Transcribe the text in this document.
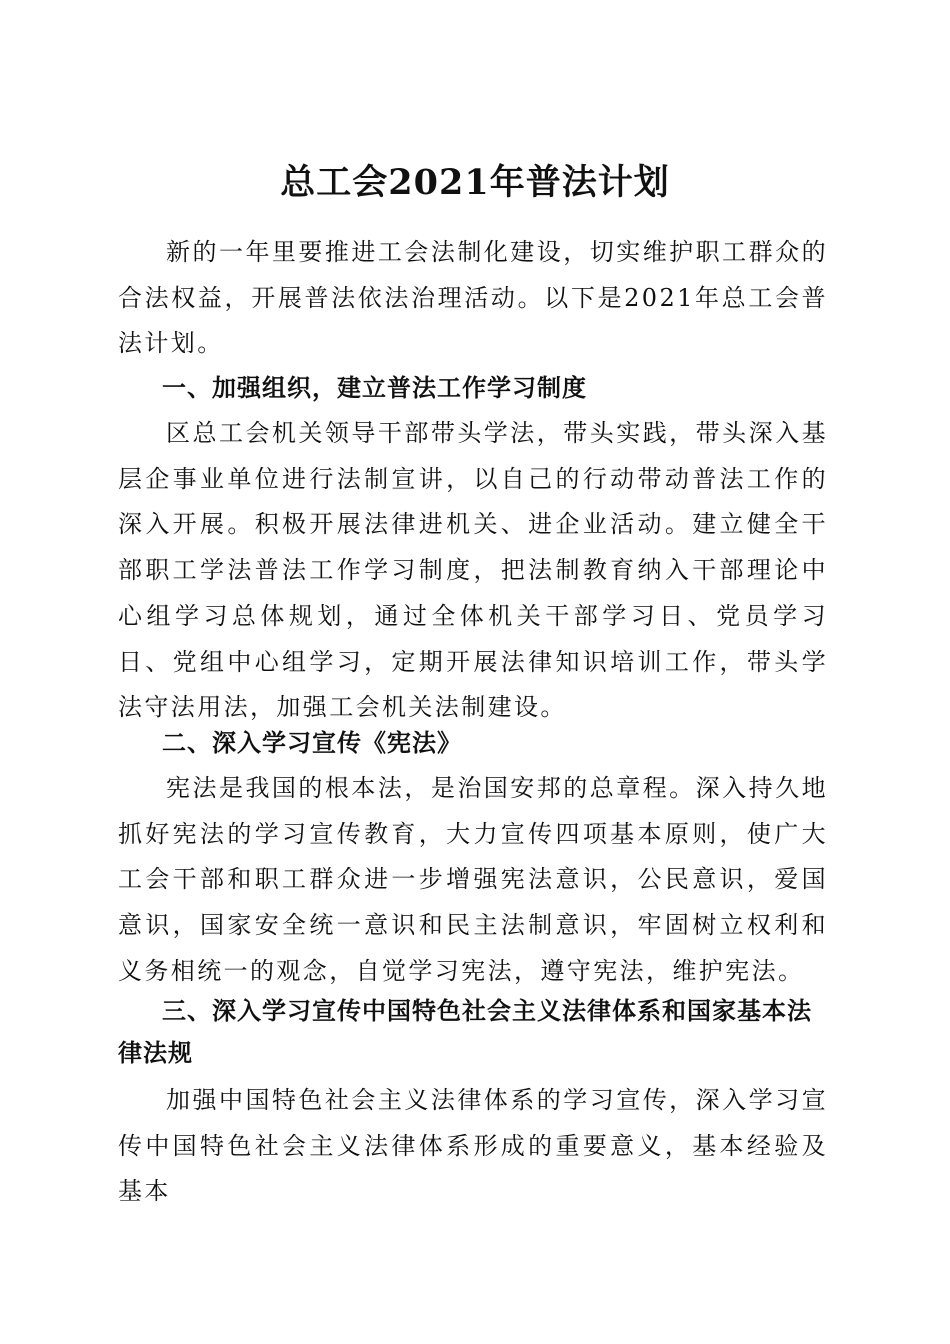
总工会2021年普法计划

新的一年里要推进工会法制化建设，切实维护职工群众的合法权益，开展普法依法治理活动。以下是2021年总工会普法计划。

一、加强组织，建立普法工作学习制度

区总工会机关领导干部带头学法，带头实践，带头深入基层企事业单位进行法制宣讲，以自己的行动带动普法工作的深入开展。积极开展法律进机关、进企业活动。建立健全干部职工学法普法工作学习制度，把法制教育纳入干部理论中心组学习总体规划，通过全体机关干部学习日、党员学习日、党组中心组学习，定期开展法律知识培训工作，带头学法守法用法，加强工会机关法制建设。

二、深入学习宣传《宪法》

宪法是我国的根本法，是治国安邦的总章程。深入持久地抓好宪法的学习宣传教育，大力宣传四项基本原则，使广大工会干部和职工群众进一步增强宪法意识，公民意识，爱国意识，国家安全统一意识和民主法制意识，牢固树立权利和义务相统一的观念，自觉学习宪法，遵守宪法，维护宪法。

三、深入学习宣传中国特色社会主义法律体系和国家基本法律法规

加强中国特色社会主义法律体系的学习宣传，深入学习宣传中国特色社会主义法律体系形成的重要意义，基本经验及基本
